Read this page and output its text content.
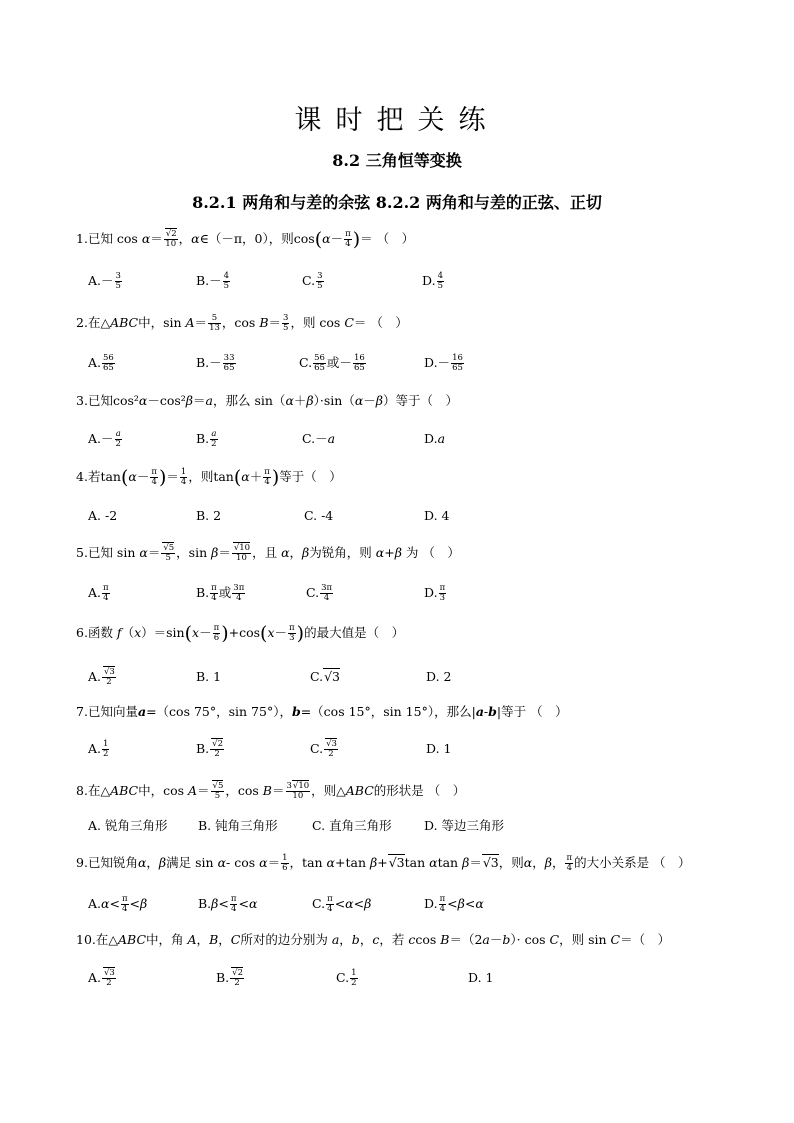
课时把关练
8.2 三角恒等变换
8.2.1 两角和与差的余弦 8.2.2 两角和与差的正弦、正切
1.已知 $\cos \alpha= \frac{√2}{10}$ ，α∈（－π，0），则$\cos(\alpha- \frac{\pi}{4}$ )＝ （　）
$A.- \frac{3}{5}$	$B.- \frac{4}{5}$	C. $\frac{3}{5}$	D. $\frac{4}{5}$
2.在△ABC中，$\sin A= \frac{5}{13}$ ，$\cos B= \frac{3}{5}$ ，则 cos C＝ （　）
A. $\frac{56}{65}$	$B.- \frac{33}{65}$	C. $\frac{56}{65}$ 或－ $\frac{16}{65}$	$D.- \frac{16}{65}$
3.已知cos²α－cos²β＝a，那么 sin（α＋β）·sin（α－β）等于（　）
$A.- \frac{a}{2}$	B. $\frac{a}{2}$	C.－a	D.a
4.若$\tan(\alpha- \frac{\pi}{4}$ )＝ $\frac{1}{4}$ ，则$\tan(\alpha+ \frac{\pi}{4}$ )等于（　）
A. -2	B. 2	C. -4	D. 4
5.已知 $\sin \alpha= \frac{√5}{5}$ ，$\sin \beta= \frac{√10}{10}$ ，且 α，β为锐角，则 α+β 为 （　）
A. $\frac{\pi}{4}$	B. $\frac{\pi}{4}$ 或 $\frac{3\pi}{4}$	C. $\frac{3\pi}{4}$	D. $\frac{\pi}{3}$
6.函数 $f(x)=\sin(x- \frac{\pi}{6} )+\cos(x- \frac{\pi}{3}$ )的最大值是（　）
A. $\frac{√3}{2}$	B. 1	C.√3	D. 2
7.已知向量a=（cos 75°，sin 75°），b=（cos 15°，sin 15°），那么|a-b|等于 （　）
A. $\frac{1}{2}$	B. $\frac{√2}{2}$	C. $\frac{√3}{2}$	D. 1
8.在△ABC中，$\cos A= \frac{√5}{5}$ ，$\cos B= \frac{3√10}{10}$ ，则△ABC的形状是 （　）
A. 锐角三角形 B. 钝角三角形	C. 直角三角形	D. 等边三角形
9.已知锐角α，β满足 sin α- $\cos \alpha= \frac{1}{6}$ ，tan α+tan β+√3tan αtan β＝√3，则α，β， $\frac{\pi}{4}$ 的大小关系是 （　）
$A.\alpha< \frac{\pi}{4} <\beta$	$B.\beta< \frac{\pi}{4} <\alpha$	C. $\frac{\pi}{4} <\alpha<\beta$	D. $\frac{\pi}{4} <\beta<\alpha$
10.在△ABC中，角 A，B，C所对的边分别为 a，b，c，若 ccos B＝（2a－b）· cos C，则 sin C＝（　）
A. $\frac{√3}{2}$	B. $\frac{√2}{2}$	C. $\frac{1}{2}$	D. 1
